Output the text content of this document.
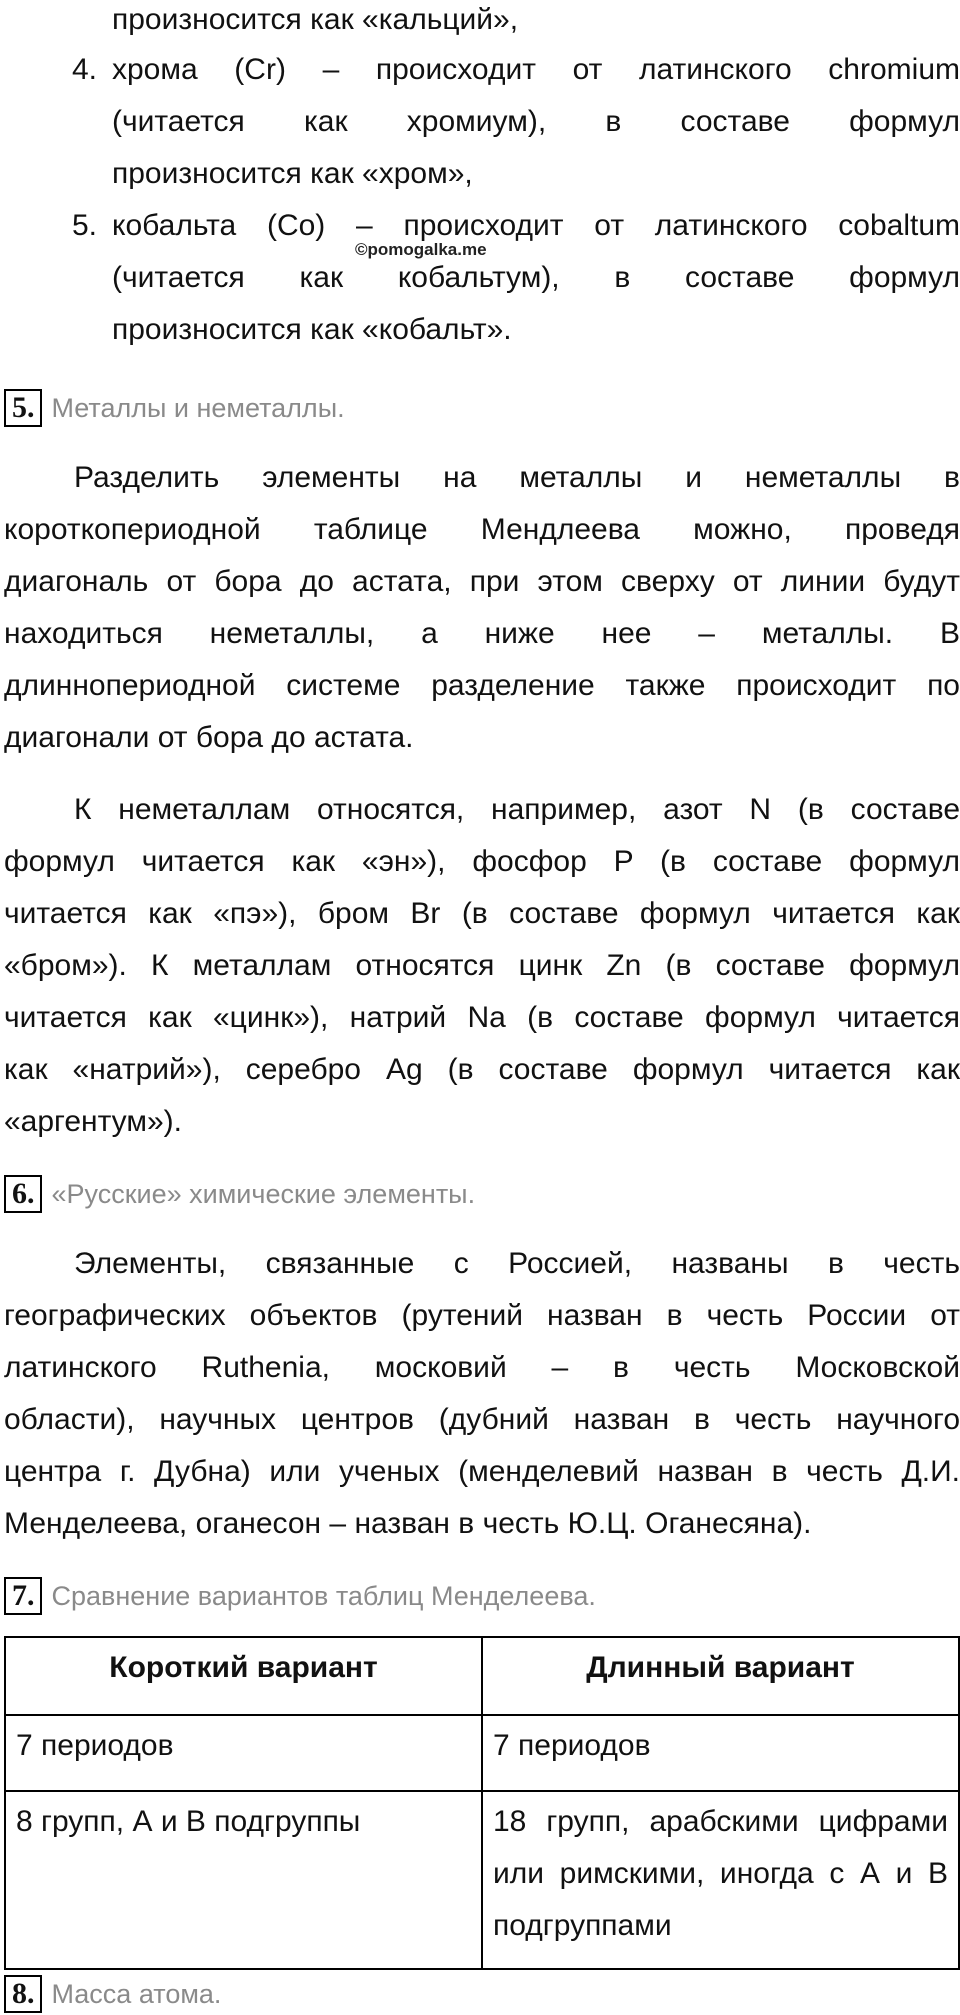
произносится как «кальций»,
4. хрома (Cr) – происходит от латинского chromium
(читается как хромиум), в составе формул
произносится как «хром»,
5. кобальта (Co) – происходит от латинского cobaltum
(читается как кобальтум), в составе формул
произносится как «кобальт».
©pomogalka.me
5. Металлы и неметаллы.
Разделить элементы на металлы и неметаллы в
короткопериодной таблице Мендлеева можно, проведя
диагональ от бора до астата, при этом сверху от линии будут
находиться неметаллы, а ниже нее – металлы. В
длиннопериодной системе разделение также происходит по
диагонали от бора до астата.
К неметаллам относятся, например, азот N (в составе
формул читается как «эн»), фосфор P (в составе формул
читается как «пэ»), бром Br (в составе формул читается как
«бром»). К металлам относятся цинк Zn (в составе формул
читается как «цинк»), натрий Na (в составе формул читается
как «натрий»), серебро Ag (в составе формул читается как
«аргентум»).
6. «Русские» химические элементы.
Элементы, связанные с Россией, названы в честь
географических объектов (рутений назван в честь России от
латинского Ruthenia, московий – в честь Московской
области), научных центров (дубний назван в честь научного
центра г. Дубна) или ученых (менделевий назван в честь Д.И.
Менделеева, оганесон – назван в честь Ю.Ц. Оганесяна).
7. Сравнение вариантов таблиц Менделеева.
Короткий вариант	Длинный вариант
7 периодов	7 периодов
8 групп, А и В подгруппы	18 групп, арабскими цифрами или римскими, иногда с А и В подгруппами
8. Масса атома.
